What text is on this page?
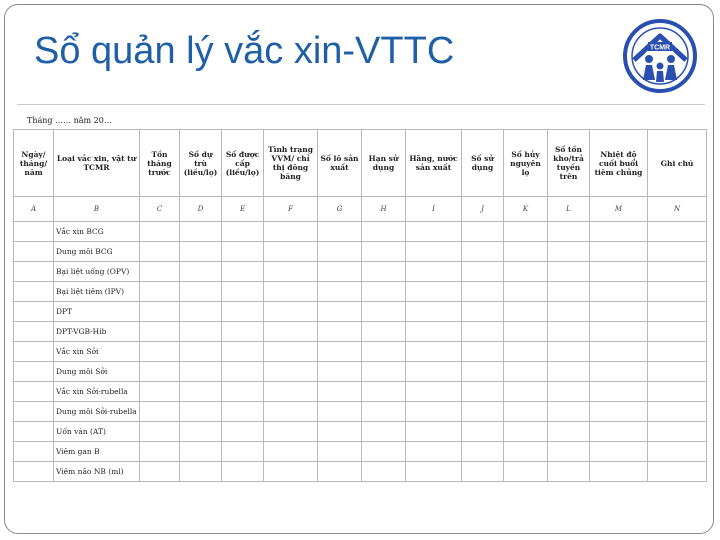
Sổ quản lý vắc xin-VTTC	TCMR
Tháng …… năm 20…
Ngày/ tháng/ năm	Loại vắc xin, vật tư TCMR	Tồn tháng trước	Số dự trù (liều/lọ)	Số được cấp (liều/lọ)	Tình trạng VVM/ chỉ thị đông băng	Số lô sản xuất	Hạn sử dụng	Hãng, nước sản xuất	Số sử dụng	Số hủy nguyên lọ	Số tồn kho/trả tuyến trên	Nhiệt độ cuối buổi tiêm chủng	Ghi chú
A	B	C	D	E	F	G	H	I	J	K	L	M	N
	Vắc xin BCG												
	Dung môi BCG												
	Bại liệt uống (OPV)												
	Bại liệt tiêm (IPV)												
	DPT												
	DPT-VGB-Hib												
	Vắc xin Sởi												
	Dung môi Sởi												
	Vắc xin Sởi-rubella												
	Dung môi Sởi-rubella												
	Uốn ván (AT)												
	Viêm gan B												
	Viêm não NB (ml)												
